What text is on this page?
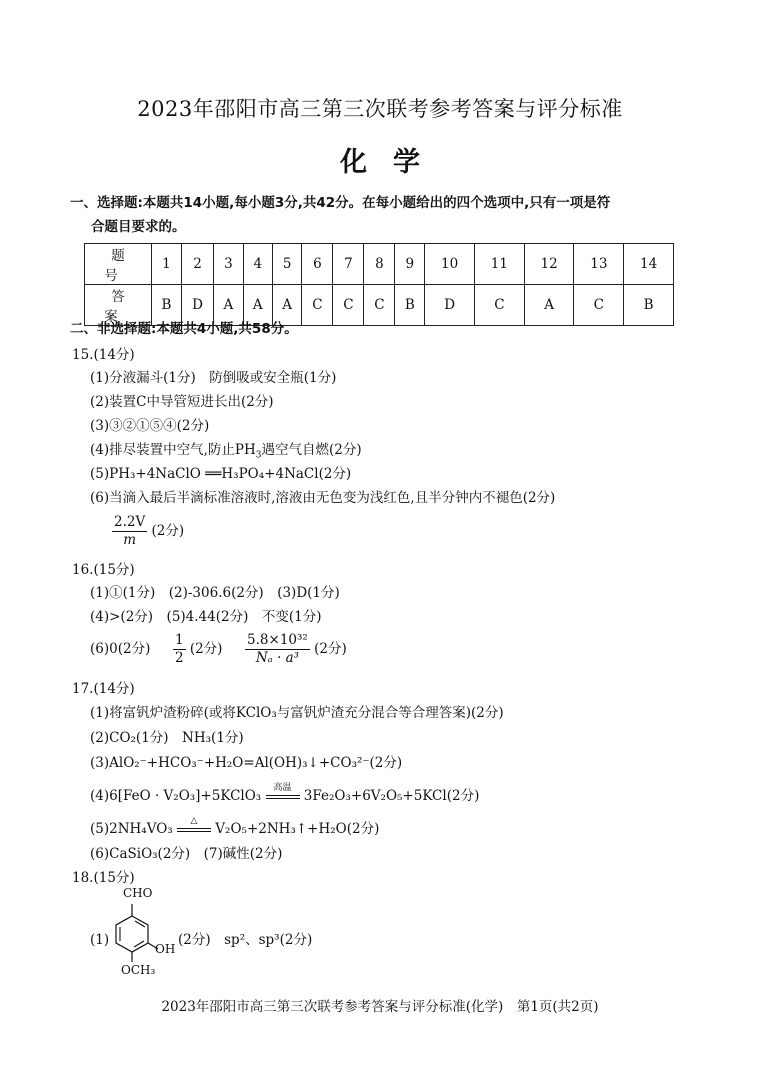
2023年邵阳市高三第三次联考参考答案与评分标准
化学
一、选择题:本题共14小题,每小题3分,共42分。在每小题给出的四个选项中,只有一项是符
合题目要求的。
题号	1	2	3	4	5	6	7	8	9	10	11	12	13	14
答案	B	D	A	A	A	C	C	C	B	D	C	A	C	B
二、非选择题:本题共4小题,共58分。
15.(14分)
(1)分液漏斗(1分)　防倒吸或安全瓶(1分)
(2)装置C中导管短进长出(2分)
(3)③②①⑤④(2分)
(4)排尽装置中空气,防止$PH_3$遇空气自燃(2分)
(5)PH₃+4NaClO ══H₃PO₄+4NaCl(2分)
(6)当滴入最后半滴标准溶液时,溶液由无色变为浅红色,且半分钟内不褪色(2分)
$\frac{2.2V}{m} (2$分)
16.(15分)
(1)①(1分)　(2)-306.6(2分)　(3)D(1分)
(4)>(2分)　(5)4.44(2分)　不变(1分)
(6)0(2分) $\frac{1}{2} (2$分) $\frac{\text{5.8×10³²}}{\text{Nₐ · a³}} (2$分)
17.(14分)
(1)将富钒炉渣粉碎(或将KClO₃与富钒炉渣充分混合等合理答案)(2分)
(2)CO₂(1分)　NH₃(1分)
(3)AlO₂⁻+HCO₃⁻+H₂O=Al(OH)₃↓+CO₃²⁻(2分)
(4)6[FeO · V₂O₃]+5KClO₃
高温
3Fe₂O₃+6V₂O₅+5KCl(2分)
(5)2NH₄VO₃
△
V₂O₅+2NH₃↑+H₂O(2分)
(6)CaSiO₃(2分)　(7)碱性(2分)
18.(15分)
(1)
CHO
OH
OCH₃
(2分)　sp²、sp³(2分)
2023年邵阳市高三第三次联考参考答案与评分标准(化学)　第1页(共2页)
